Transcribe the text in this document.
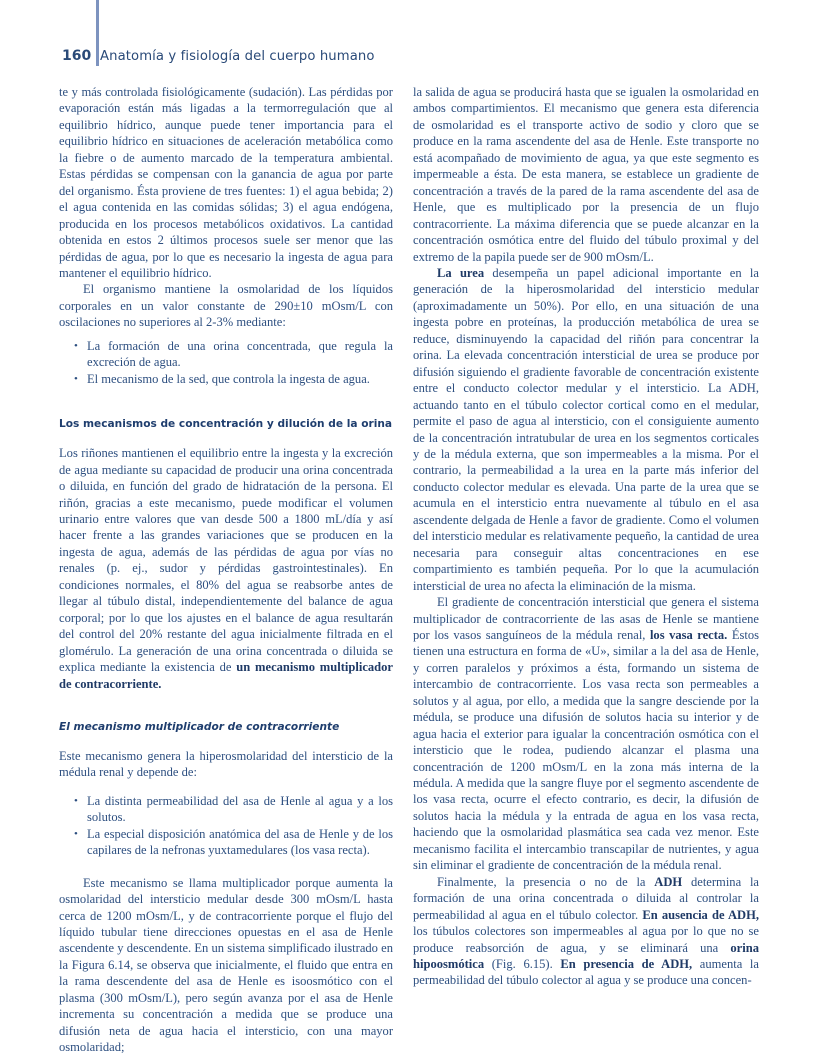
160 Anatomía y fisiología del cuerpo humano

te y más controlada fisiológicamente (sudación). Las pérdidas por evaporación están más ligadas a la termorregulación que al equilibrio hídrico, aunque puede tener importancia para el equilibrio hídrico en situaciones de aceleración metabólica como la fiebre o de aumento marcado de la temperatura ambiental. Estas pérdidas se compensan con la ganancia de agua por parte del organismo. Ésta proviene de tres fuentes: 1) el agua bebida; 2) el agua contenida en las comidas sólidas; 3) el agua endógena, producida en los procesos metabólicos oxidativos. La cantidad obtenida en estos 2 últimos procesos suele ser menor que las pérdidas de agua, por lo que es necesario la ingesta de agua para mantener el equilibrio hídrico.

El organismo mantiene la osmolaridad de los líquidos corporales en un valor constante de 290±10 mOsm/L con oscilaciones no superiores al 2-3% mediante:

• La formación de una orina concentrada, que regula la excreción de agua.
• El mecanismo de la sed, que controla la ingesta de agua.
Los mecanismos de concentración y dilución de la orina

Los riñones mantienen el equilibrio entre la ingesta y la excreción de agua mediante su capacidad de producir una orina concentrada o diluida, en función del grado de hidratación de la persona. El riñón, gracias a este mecanismo, puede modificar el volumen urinario entre valores que van desde 500 a 1800 mL/día y así hacer frente a las grandes variaciones que se producen en la ingesta de agua, además de las pérdidas de agua por vías no renales (p. ej., sudor y pérdidas gastrointestinales). En condiciones normales, el 80% del agua se reabsorbe antes de llegar al túbulo distal, independientemente del balance de agua corporal; por lo que los ajustes en el balance de agua resultarán del control del 20% restante del agua inicialmente filtrada en el glomérulo. La generación de una orina concentrada o diluida se explica mediante la existencia de un mecanismo multiplicador de contracorriente.

El mecanismo multiplicador de contracorriente

Este mecanismo genera la hiperosmolaridad del intersticio de la médula renal y depende de:

• La distinta permeabilidad del asa de Henle al agua y a los solutos.
• La especial disposición anatómica del asa de Henle y de los capilares de la nefronas yuxtamedulares (los vasa recta).

Este mecanismo se llama multiplicador porque aumenta la osmolaridad del intersticio medular desde 300 mOsm/L hasta cerca de 1200 mOsm/L, y de contracorriente porque el flujo del líquido tubular tiene direcciones opuestas en el asa de Henle ascendente y descendente. En un sistema simplificado ilustrado en la Figura 6.14, se observa que inicialmente, el fluido que entra en la rama descendente del asa de Henle es isoosmótico con el plasma (300 mOsm/L), pero según avanza por el asa de Henle incrementa su concentración a medida que se produce una difusión neta de agua hacia el intersticio, con una mayor osmolaridad;

la salida de agua se producirá hasta que se igualen la osmolaridad en ambos compartimientos. El mecanismo que genera esta diferencia de osmolaridad es el transporte activo de sodio y cloro que se produce en la rama ascendente del asa de Henle. Este transporte no está acompañado de movimiento de agua, ya que este segmento es impermeable a ésta. De esta manera, se establece un gradiente de concentración a través de la pared de la rama ascendente del asa de Henle, que es multiplicado por la presencia de un flujo contracorriente. La máxima diferencia que se puede alcanzar en la concentración osmótica entre del fluido del túbulo proximal y del extremo de la papila puede ser de 900 mOsm/L.

La urea desempeña un papel adicional importante en la generación de la hiperosmolaridad del intersticio medular (aproximadamente un 50%). Por ello, en una situación de una ingesta pobre en proteínas, la producción metabólica de urea se reduce, disminuyendo la capacidad del riñón para concentrar la orina. La elevada concentración intersticial de urea se produce por difusión siguiendo el gradiente favorable de concentración existente entre el conducto colector medular y el intersticio. La ADH, actuando tanto en el túbulo colector cortical como en el medular, permite el paso de agua al intersticio, con el consiguiente aumento de la concentración intratubular de urea en los segmentos corticales y de la médula externa, que son impermeables a la misma. Por el contrario, la permeabilidad a la urea en la parte más inferior del conducto colector medular es elevada. Una parte de la urea que se acumula en el intersticio entra nuevamente al túbulo en el asa ascendente delgada de Henle a favor de gradiente. Como el volumen del intersticio medular es relativamente pequeño, la cantidad de urea necesaria para conseguir altas concentraciones en ese compartimiento es también pequeña. Por lo que la acumulación intersticial de urea no afecta la eliminación de la misma.

El gradiente de concentración intersticial que genera el sistema multiplicador de contracorriente de las asas de Henle se mantiene por los vasos sanguíneos de la médula renal, los vasa recta. Éstos tienen una estructura en forma de «U», similar a la del asa de Henle, y corren paralelos y próximos a ésta, formando un sistema de intercambio de contracorriente. Los vasa recta son permeables a solutos y al agua, por ello, a medida que la sangre desciende por la médula, se produce una difusión de solutos hacia su interior y de agua hacia el exterior para igualar la concentración osmótica con el intersticio que le rodea, pudiendo alcanzar el plasma una concentración de 1200 mOsm/L en la zona más interna de la médula. A medida que la sangre fluye por el segmento ascendente de los vasa recta, ocurre el efecto contrario, es decir, la difusión de solutos hacia la médula y la entrada de agua en los vasa recta, haciendo que la osmolaridad plasmática sea cada vez menor. Este mecanismo facilita el intercambio transcapilar de nutrientes, y agua sin eliminar el gradiente de concentración de la médula renal.

Finalmente, la presencia o no de la ADH determina la formación de una orina concentrada o diluida al controlar la permeabilidad al agua en el túbulo colector. En ausencia de ADH, los túbulos colectores son impermeables al agua por lo que no se produce reabsorción de agua, y se eliminará una orina hipoosmótica (Fig. 6.15). En presencia de ADH, aumenta la permeabilidad del túbulo colector al agua y se produce una concen-
